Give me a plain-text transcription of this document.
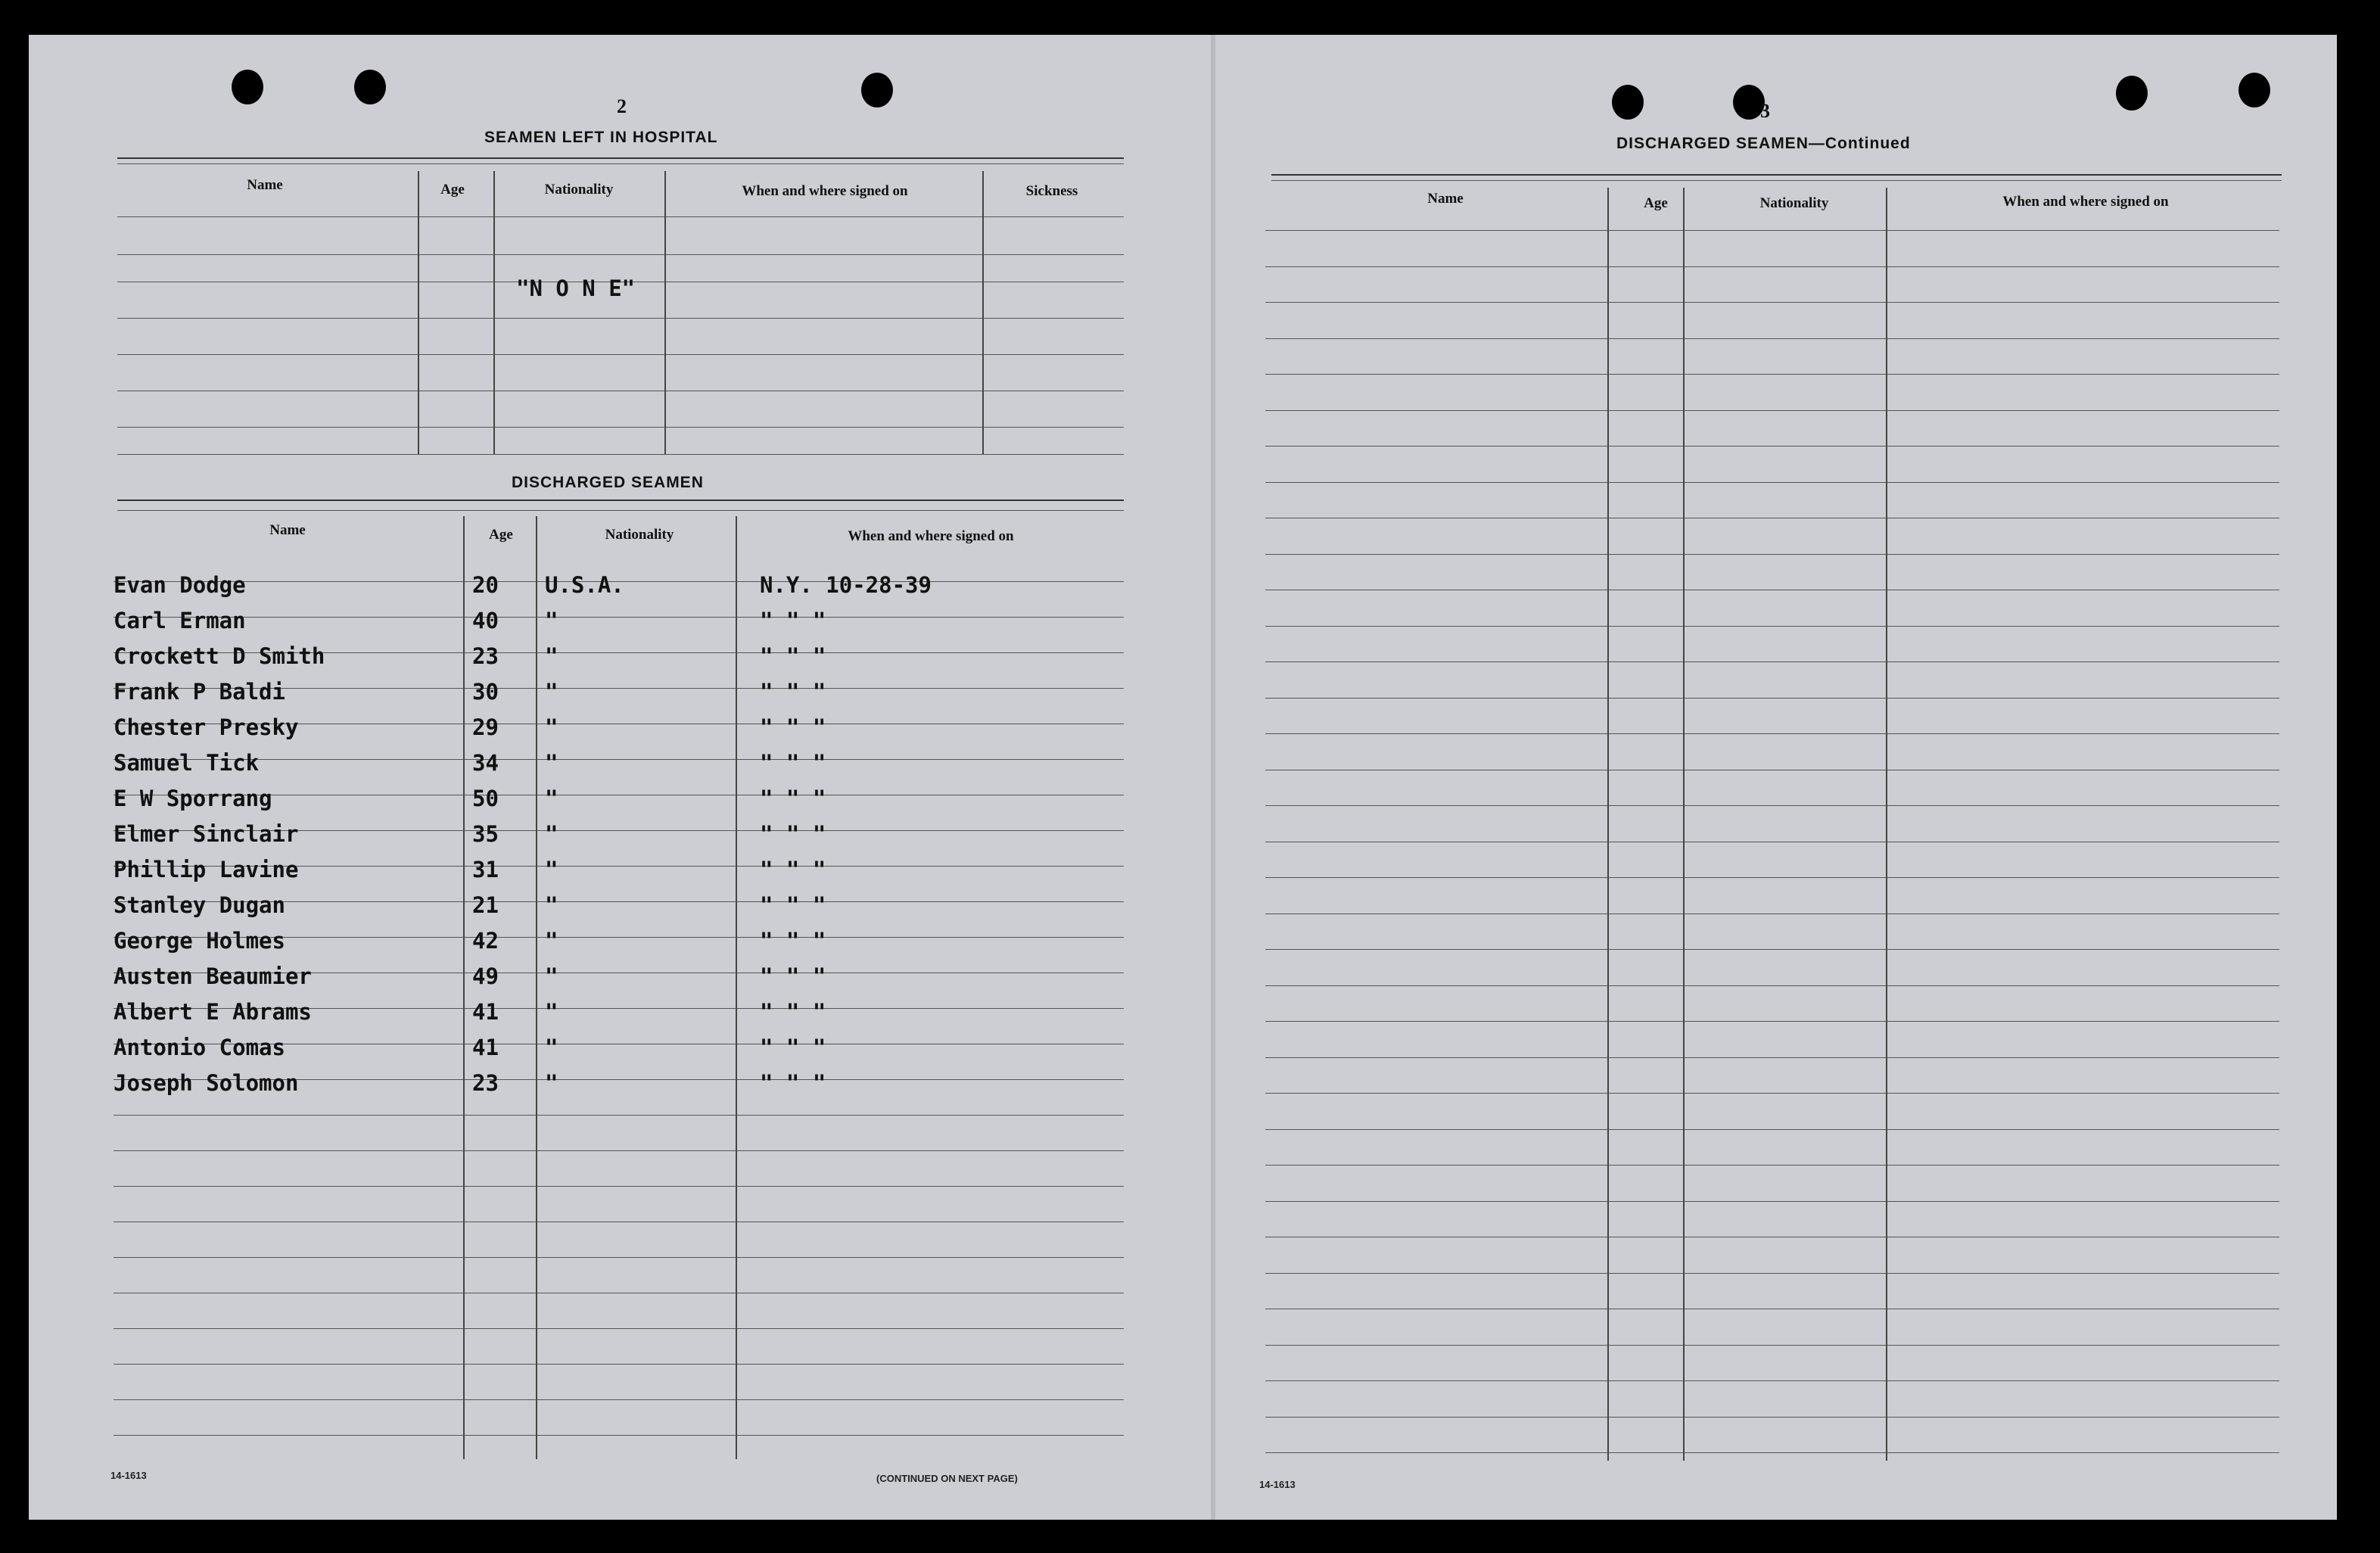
2
SEAMEN LEFT IN HOSPITAL
Name	Age	Nationality	When and where signed on	Sickness
"N O N E"
DISCHARGED SEAMEN
Name	Age	Nationality	When and where signed on
Evan Dodge	20 U.S.A.	N.Y. 10-28-39
Carl Erman	40 "	" " "
Crockett D Smith	23 "	" " "
Frank P Baldi	30 "	" " "
Chester Presky	29 "	" " "
Samuel Tick	34 "	" " "
E W Sporrang	50 "	" " "
Elmer Sinclair	35 "	" " "
Phillip Lavine	31 "	" " "
Stanley Dugan	21 "	" " "
George Holmes	42 "	" " "
Austen Beaumier	49 "	" " "
Albert E Abrams	41 "	" " "
Antonio Comas	41 "	" " "
Joseph Solomon	23 "	" " "
14-1613	(CONTINUED ON NEXT PAGE)
3
DISCHARGED SEAMEN—Continued
Name	Age	Nationality	When and where signed on
14-1613
